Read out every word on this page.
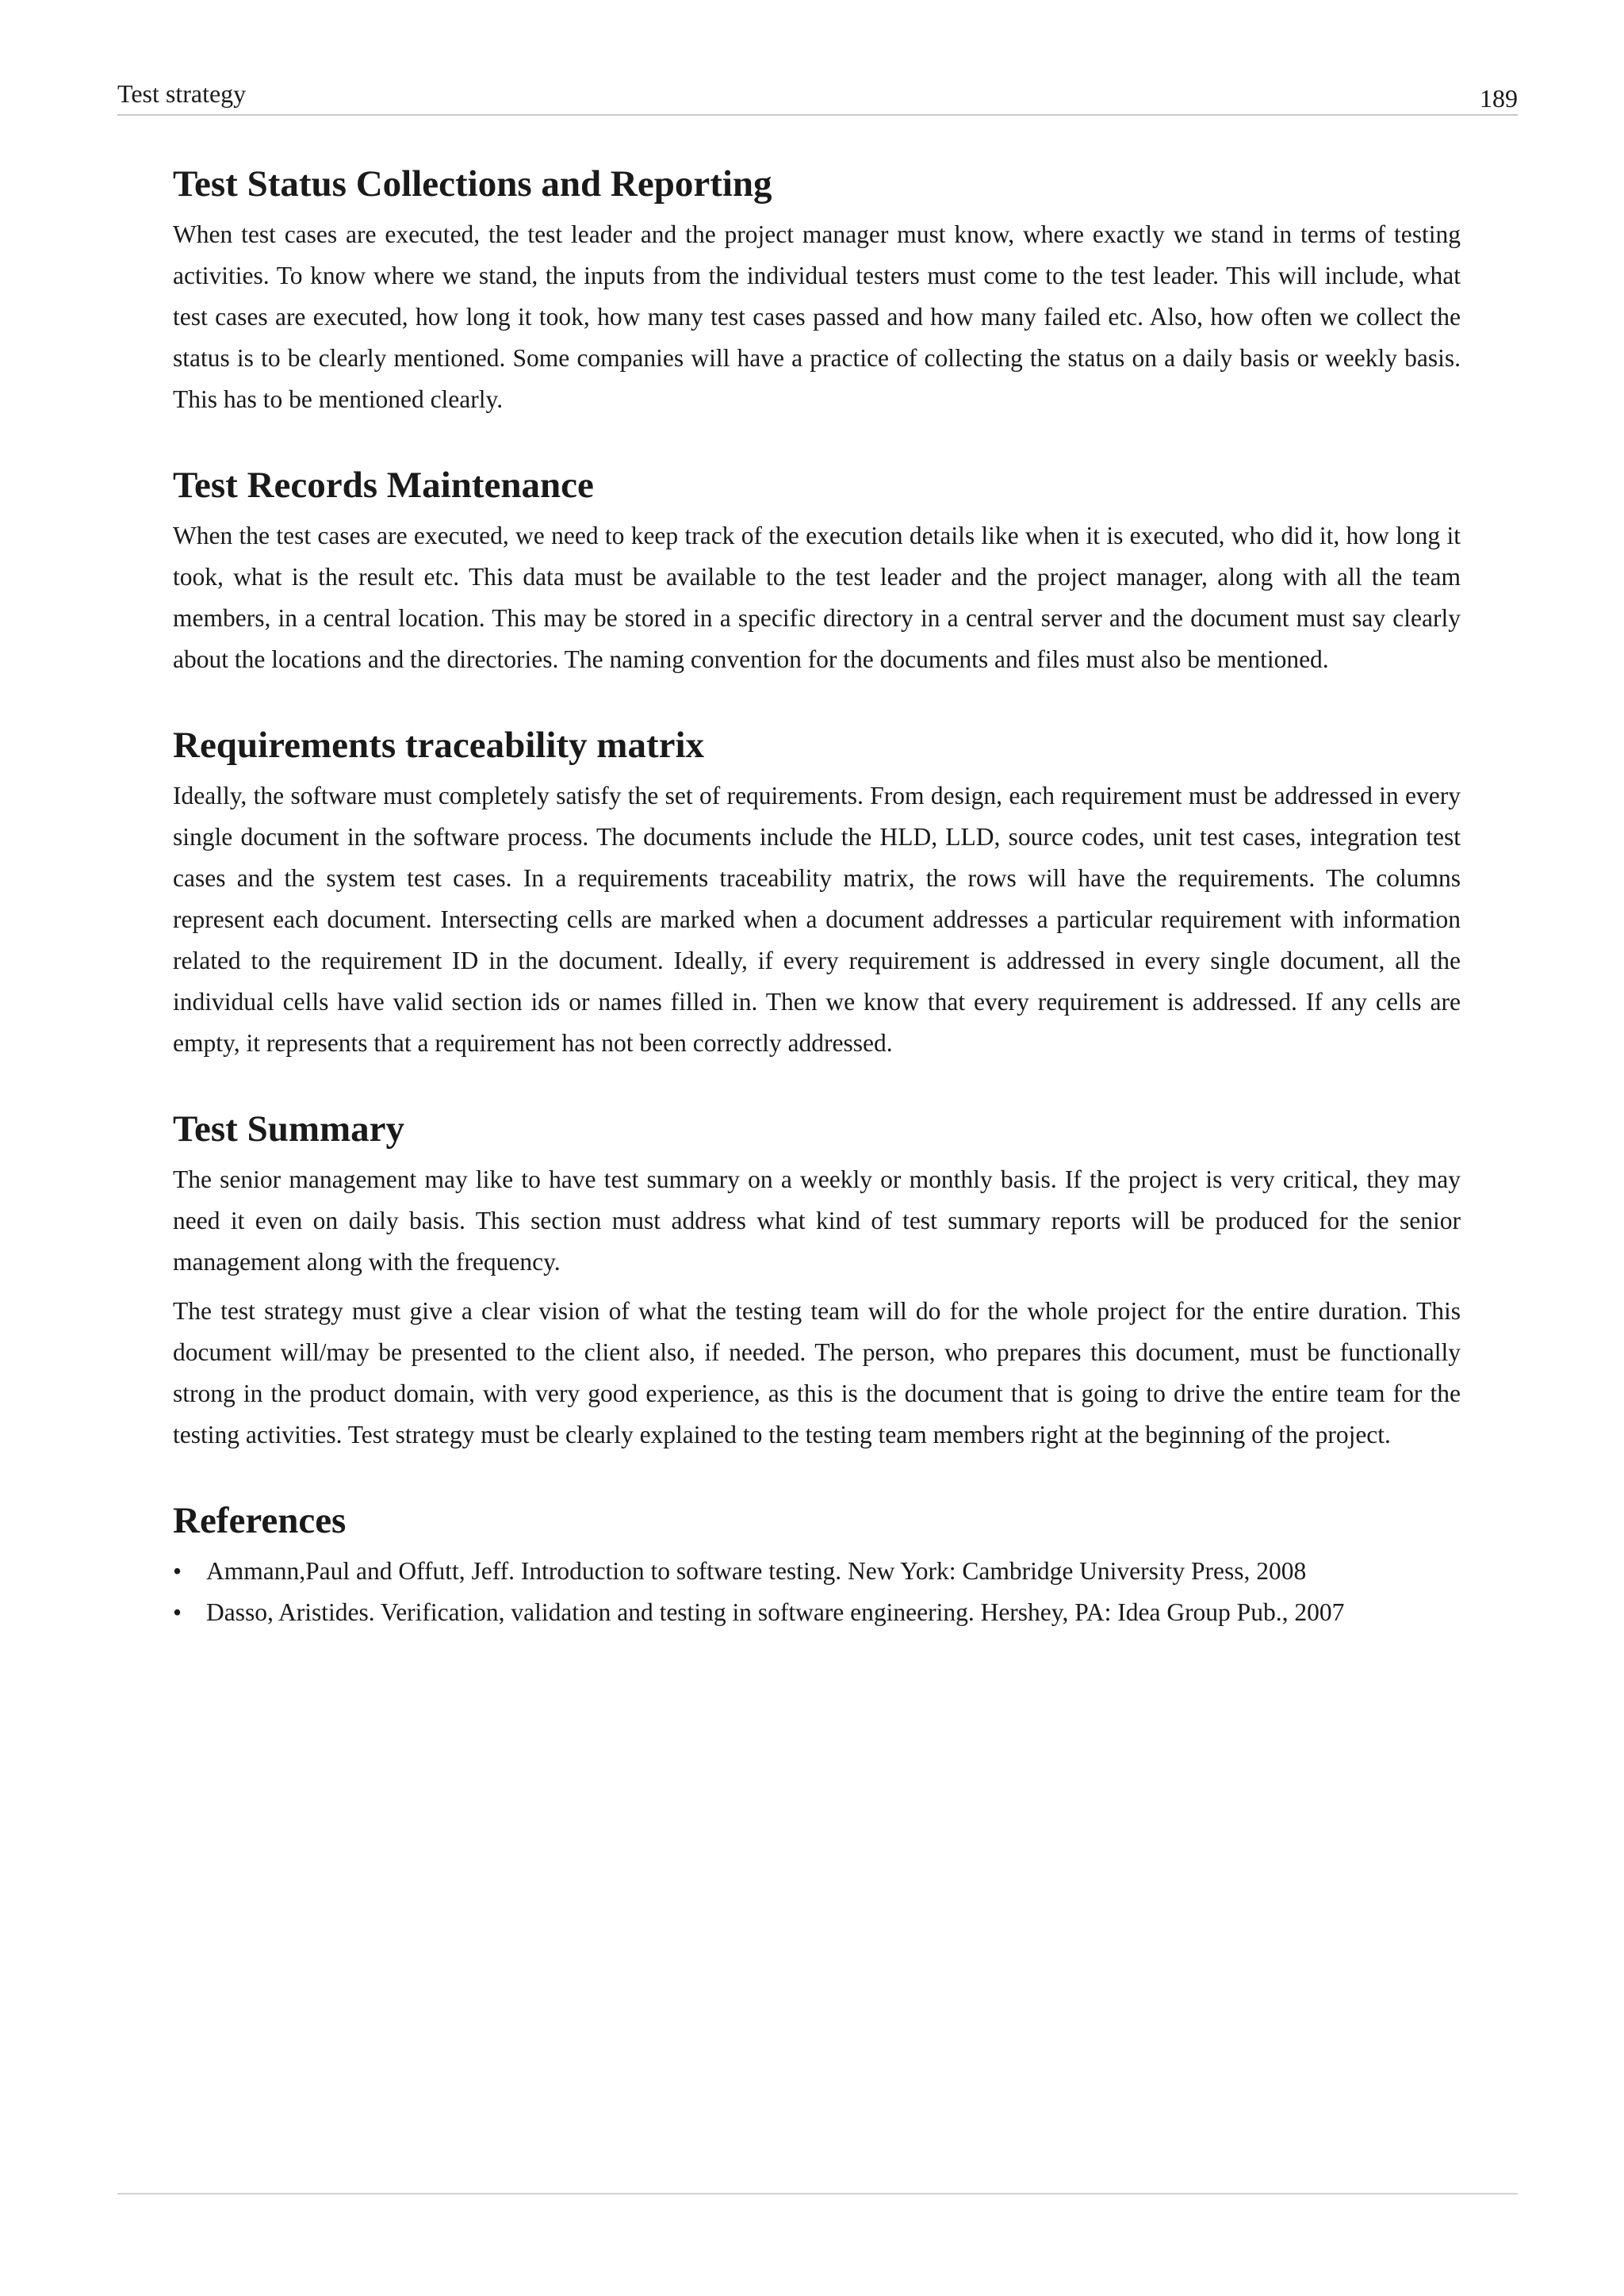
Test strategy	189
Test Status Collections and Reporting

When test cases are executed, the test leader and the project manager must know, where exactly we stand in terms of testing activities. To know where we stand, the inputs from the individual testers must come to the test leader. This will include, what test cases are executed, how long it took, how many test cases passed and how many failed etc. Also, how often we collect the status is to be clearly mentioned. Some companies will have a practice of collecting the status on a daily basis or weekly basis. This has to be mentioned clearly.

Test Records Maintenance

When the test cases are executed, we need to keep track of the execution details like when it is executed, who did it, how long it took, what is the result etc. This data must be available to the test leader and the project manager, along with all the team members, in a central location. This may be stored in a specific directory in a central server and the document must say clearly about the locations and the directories. The naming convention for the documents and files must also be mentioned.

Requirements traceability matrix

Ideally, the software must completely satisfy the set of requirements. From design, each requirement must be addressed in every single document in the software process. The documents include the HLD, LLD, source codes, unit test cases, integration test cases and the system test cases. In a requirements traceability matrix, the rows will have the requirements. The columns represent each document. Intersecting cells are marked when a document addresses a particular requirement with information related to the requirement ID in the document. Ideally, if every requirement is addressed in every single document, all the individual cells have valid section ids or names filled in. Then we know that every requirement is addressed. If any cells are empty, it represents that a requirement has not been correctly addressed.

Test Summary

The senior management may like to have test summary on a weekly or monthly basis. If the project is very critical, they may need it even on daily basis. This section must address what kind of test summary reports will be produced for the senior management along with the frequency.

The test strategy must give a clear vision of what the testing team will do for the whole project for the entire duration. This document will/may be presented to the client also, if needed. The person, who prepares this document, must be functionally strong in the product domain, with very good experience, as this is the document that is going to drive the entire team for the testing activities. Test strategy must be clearly explained to the testing team members right at the beginning of the project.

References
• Ammann,Paul and Offutt, Jeff. Introduction to software testing. New York: Cambridge University Press, 2008
• Dasso, Aristides. Verification, validation and testing in software engineering. Hershey, PA: Idea Group Pub., 2007
